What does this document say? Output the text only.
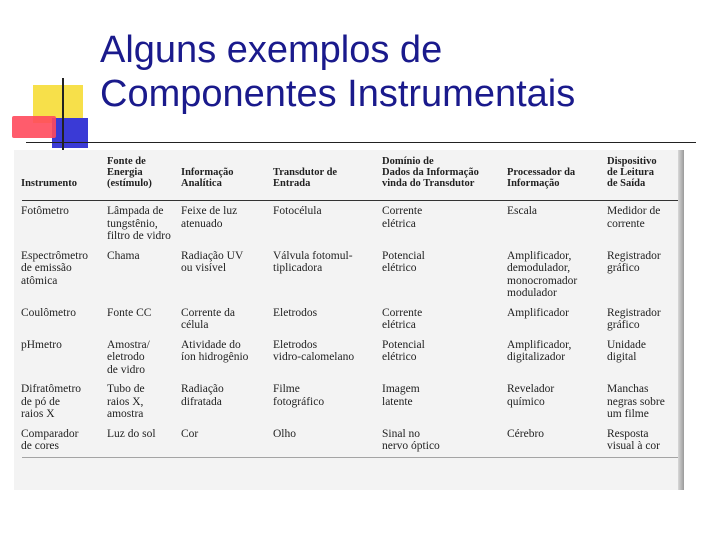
Alguns exemplos de
Componentes Instrumentais
Instrumento	Fonte de
Energia
(estímulo)	Informação
Analítica	Transdutor de
Entrada	Domínio de
Dados da Informação
vinda do Transdutor	Processador da
Informação	Dispositivo
de Leitura
de Saída

Fotômetro	Lâmpada de
tungstênio,
filtro de vidro	Feixe de luz
atenuado	Fotocélula	Corrente
elétrica	Escala	Medidor de
corrente

Espectrômetro
de emissão
atômica	Chama	Radiação UV
ou visível	Válvula fotomul-
tiplicadora	Potencial
elétrico	Amplificador,
demodulador,
monocromador
modulador	Registrador
gráfico

Coulômetro	Fonte CC	Corrente da
célula	Eletrodos	Corrente
elétrica	Amplificador	Registrador
gráfico

pHmetro	Amostra/
eletrodo
de vidro	Atividade do
íon hidrogênio	Eletrodos
vidro-calomelano	Potencial
elétrico	Amplificador,
digitalizador	Unidade
digital

Difratômetro
de pó de
raios X	Tubo de
raios X,
amostra	Radiação
difratada	Filme
fotográfico	Imagem
latente	Revelador
químico	Manchas
negras sobre
um filme

Comparador
de cores	Luz do sol	Cor	Olho	Sinal no
nervo óptico	Cérebro	Resposta
visual à cor
